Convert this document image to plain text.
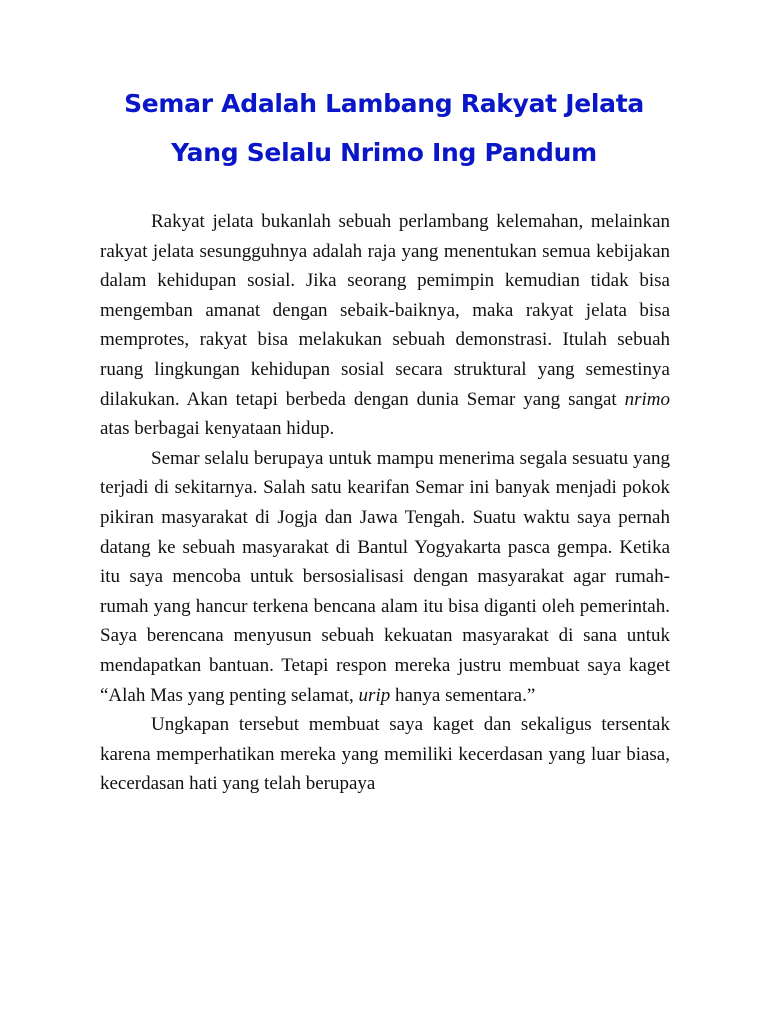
Semar Adalah Lambang Rakyat Jelata
Yang Selalu Nrimo Ing Pandum

Rakyat jelata bukanlah sebuah perlambang kelemahan, melainkan rakyat jelata sesungguhnya adalah raja yang menentukan semua kebijakan dalam kehidupan sosial. Jika seorang pemimpin kemudian tidak bisa mengemban amanat dengan sebaik-baiknya, maka rakyat jelata bisa memprotes, rakyat bisa melakukan sebuah demonstrasi. Itulah sebuah ruang lingkungan kehidupan sosial secara struktural yang semestinya dilakukan. Akan tetapi berbeda dengan dunia Semar yang sangat nrimo atas berbagai kenyataan hidup.

Semar selalu berupaya untuk mampu menerima segala sesuatu yang terjadi di sekitarnya. Salah satu kearifan Semar ini banyak menjadi pokok pikiran masyarakat di Jogja dan Jawa Tengah. Suatu waktu saya pernah datang ke sebuah masyarakat di Bantul Yogyakarta pasca gempa. Ketika itu saya mencoba untuk bersosialisasi dengan masyarakat agar rumah-rumah yang hancur terkena bencana alam itu bisa diganti oleh pemerintah. Saya berencana menyusun sebuah kekuatan masyarakat di sana untuk mendapatkan bantuan. Tetapi respon mereka justru membuat saya kaget “Alah Mas yang penting selamat, urip hanya sementara.”

Ungkapan tersebut membuat saya kaget dan sekaligus tersentak karena memperhatikan mereka yang memiliki kecerdasan yang luar biasa, kecerdasan hati yang telah berupaya
